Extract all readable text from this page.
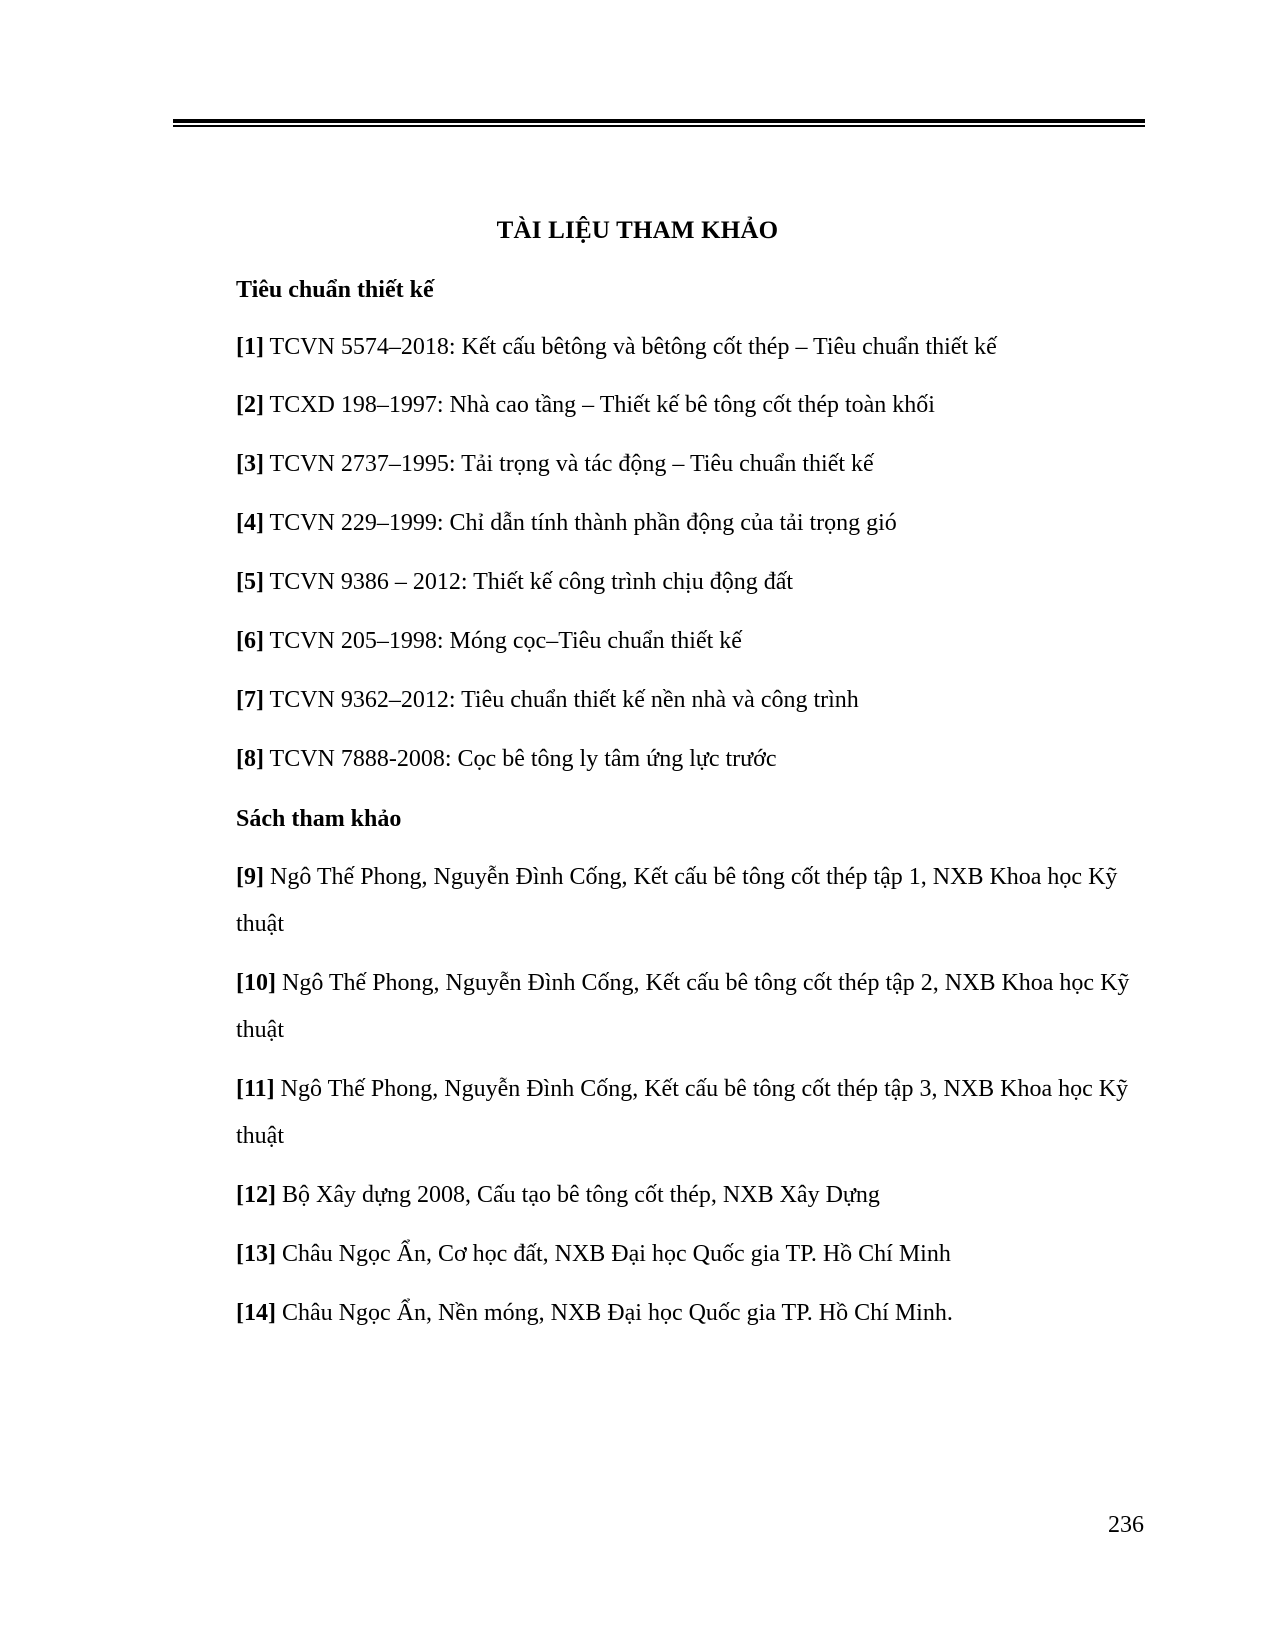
TÀI LIỆU THAM KHẢO
Tiêu chuẩn thiết kế

[1] TCVN 5574–2018: Kết cấu bêtông và bêtông cốt thép – Tiêu chuẩn thiết kế

[2] TCXD 198–1997: Nhà cao tầng – Thiết kế bê tông cốt thép toàn khối

[3] TCVN 2737–1995: Tải trọng và tác động – Tiêu chuẩn thiết kế

[4] TCVN 229–1999: Chỉ dẫn tính thành phần động của tải trọng gió

[5] TCVN 9386 – 2012: Thiết kế công trình chịu động đất

[6] TCVN 205–1998: Móng cọc–Tiêu chuẩn thiết kế

[7] TCVN 9362–2012: Tiêu chuẩn thiết kế nền nhà và công trình

[8] TCVN 7888-2008: Cọc bê tông ly tâm ứng lực trước

Sách tham khảo

[9] Ngô Thế Phong, Nguyễn Đình Cống, Kết cấu bê tông cốt thép tập 1, NXB Khoa học Kỹ thuật

[10] Ngô Thế Phong, Nguyễn Đình Cống, Kết cấu bê tông cốt thép tập 2, NXB Khoa học Kỹ thuật

[11] Ngô Thế Phong, Nguyễn Đình Cống, Kết cấu bê tông cốt thép tập 3, NXB Khoa học Kỹ thuật

[12] Bộ Xây dựng 2008, Cấu tạo bê tông cốt thép, NXB Xây Dựng

[13] Châu Ngọc Ẩn, Cơ học đất, NXB Đại học Quốc gia TP. Hồ Chí Minh

[14] Châu Ngọc Ẩn, Nền móng, NXB Đại học Quốc gia TP. Hồ Chí Minh.

236
